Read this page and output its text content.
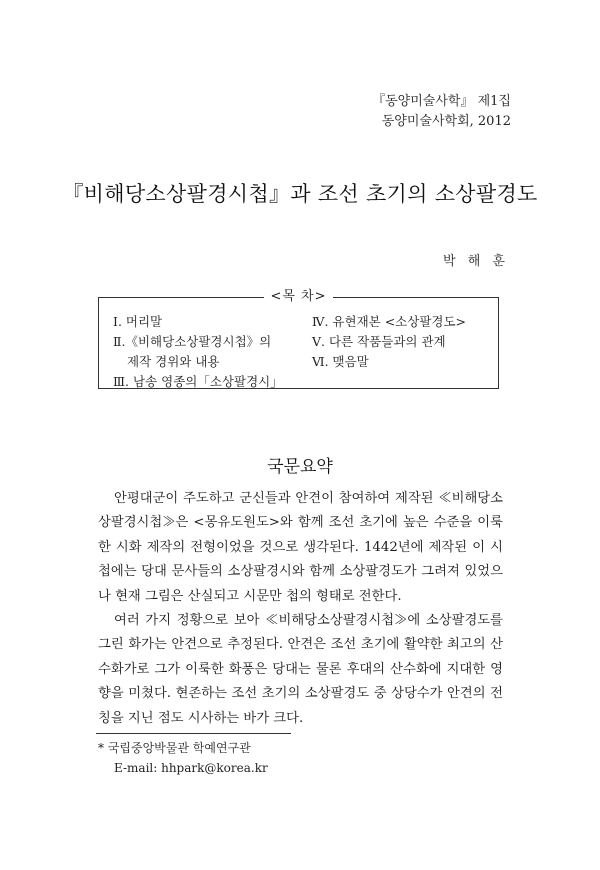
『동양미술사학』 제1집
동양미술사학회, 2012
『비해당소상팔경시첩』과 조선 초기의 소상팔경도
박 해 훈
<목 차>
Ⅰ. 머리말
Ⅱ.《비해당소상팔경시첩》의
제작 경위와 내용
Ⅲ. 남송 영종의「소상팔경시」
Ⅳ. 유현재본 <소상팔경도>
Ⅴ. 다른 작품들과의 관계
Ⅵ. 맺음말
국문요약

안평대군이 주도하고 군신들과 안견이 참여하여 제작된 ≪비해당소상팔경시첩≫은 <몽유도원도>와 함께 조선 초기에 높은 수준을 이룩한 시화 제작의 전형이었을 것으로 생각된다. 1442년에 제작된 이 시첩에는 당대 문사들의 소상팔경시와 함께 소상팔경도가 그려져 있었으나 현재 그림은 산실되고 시문만 첩의 형태로 전한다.

여러 가지 정황으로 보아 ≪비해당소상팔경시첩≫에 소상팔경도를 그린 화가는 안견으로 추정된다. 안견은 조선 초기에 활약한 최고의 산수화가로 그가 이룩한 화풍은 당대는 물론 후대의 산수화에 지대한 영향을 미쳤다. 현존하는 조선 초기의 소상팔경도 중 상당수가 안견의 전칭을 지닌 점도 시사하는 바가 크다.

* 국립중앙박물관 학예연구관
E-mail: hhpark@korea.kr
